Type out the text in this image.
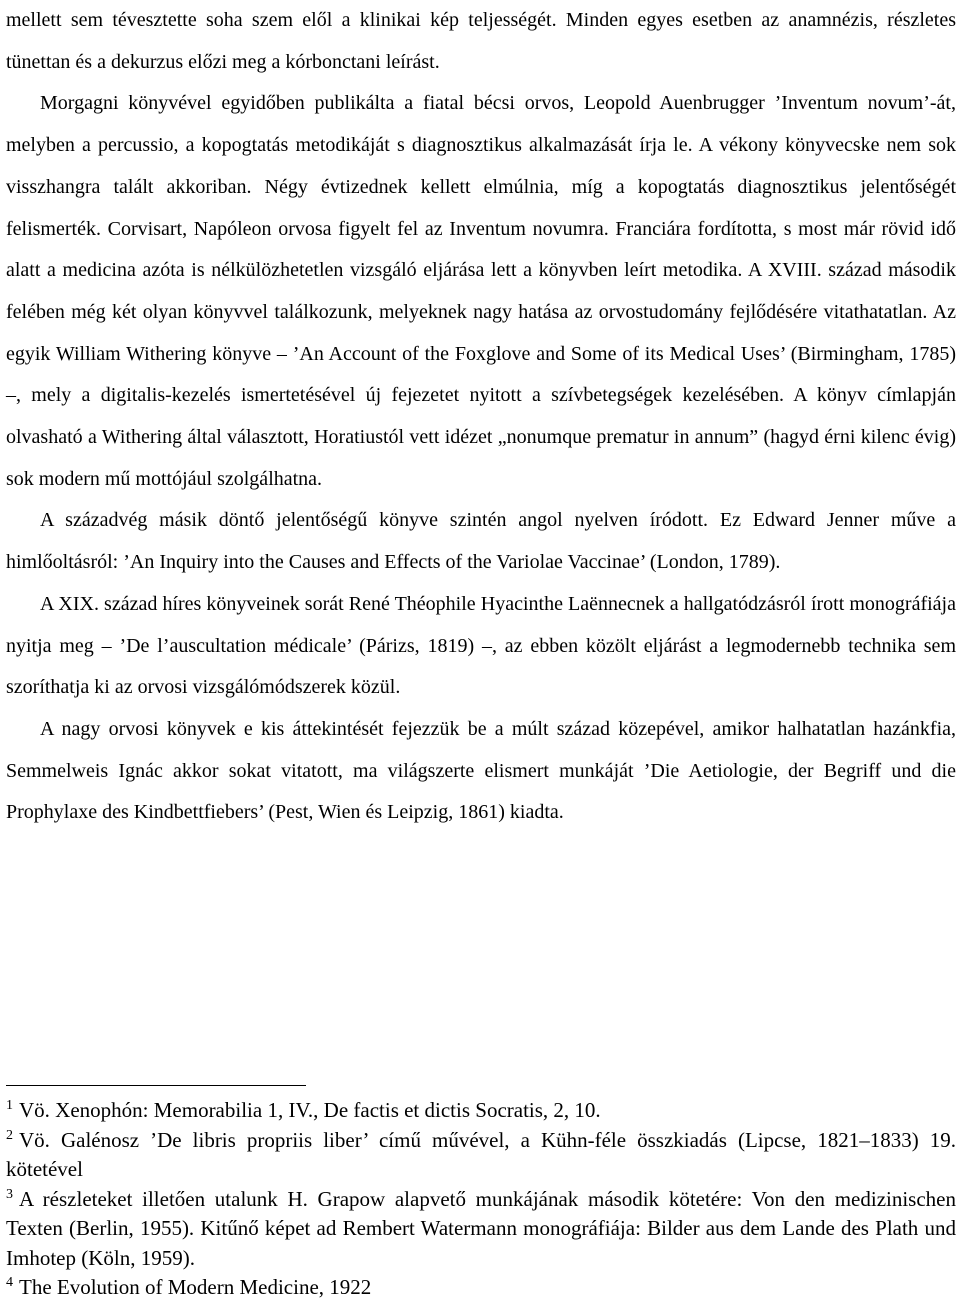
mellett sem tévesztette soha szem elől a klinikai kép teljességét. Minden egyes esetben az anamnézis, részletes tünettan és a dekurzus előzi meg a kórbonctani leírást.

Morgagni könyvével egyidőben publikálta a fiatal bécsi orvos, Leopold Auenbrugger ’Inventum novum’-át, melyben a percussio, a kopogtatás metodikáját s diagnosztikus alkalmazását írja le. A vékony könyvecske nem sok visszhangra talált akkoriban. Négy évtizednek kellett elmúlnia, míg a kopogtatás diagnosztikus jelentőségét felismerték. Corvisart, Napóleon orvosa figyelt fel az Inventum novumra. Franciára fordította, s most már rövid idő alatt a medicina azóta is nélkülözhetetlen vizsgáló eljárása lett a könyvben leírt metodika. A XVIII. század második felében még két olyan könyvvel találkozunk, melyeknek nagy hatása az orvostudomány fejlődésére vitathatatlan. Az egyik William Withering könyve – ’An Account of the Foxglove and Some of its Medical Uses’ (Birmingham, 1785) –, mely a digitalis-kezelés ismertetésével új fejezetet nyitott a szívbetegségek kezelésében. A könyv címlapján olvasható a Withering által választott, Horatiustól vett idézet „nonumque prematur in annum” (hagyd érni kilenc évig) sok modern mű mottójául szolgálhatna.

A századvég másik döntő jelentőségű könyve szintén angol nyelven íródott. Ez Edward Jenner műve a himlőoltásról: ’An Inquiry into the Causes and Effects of the Variolae Vaccinae’ (London, 1789).

A XIX. század híres könyveinek sorát René Théophile Hyacinthe Laënnecnek a hallgatódzásról írott monográfiája nyitja meg – ’De l’auscultation médicale’ (Párizs, 1819) –, az ebben közölt eljárást a legmodernebb technika sem szoríthatja ki az orvosi vizsgálómódszerek közül.

A nagy orvosi könyvek e kis áttekintését fejezzük be a múlt század közepével, amikor halhatatlan hazánkfia, Semmelweis Ignác akkor sokat vitatott, ma világszerte elismert munkáját ’Die Aetiologie, der Begriff und die Prophylaxe des Kindbettfiebers’ (Pest, Wien és Leipzig, 1861) kiadta.

$^1$ Vö. Xenophón: Memorabilia 1, IV., De factis et dictis Socratis, 2, 10.

$^2$ Vö. Galénosz ’De libris propriis liber’ című művével, a Kühn-féle összkiadás (Lipcse, 1821–1833) 19. kötetével

$^3$ A részleteket illetően utalunk H. Grapow alapvető munkájának második kötetére: Von den medizinischen Texten (Berlin, 1955). Kitűnő képet ad Rembert Watermann monográfiája: Bilder aus dem Lande des Plath und Imhotep (Köln, 1959).

$^4$ The Evolution of Modern Medicine, 1922
